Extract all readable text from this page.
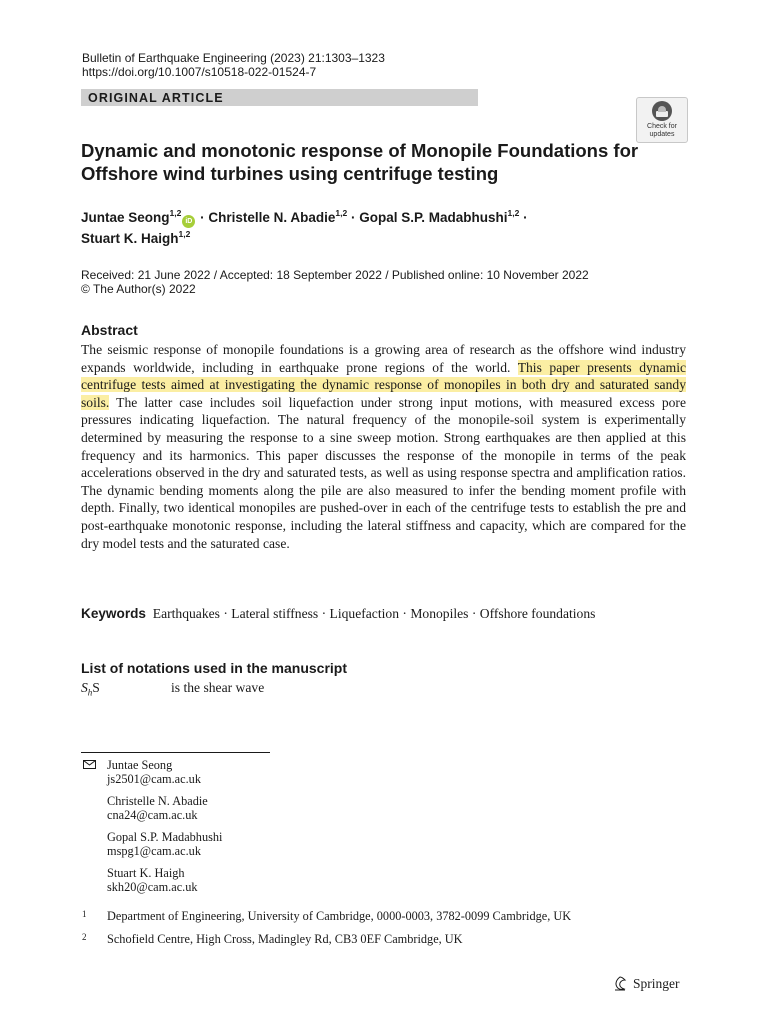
Bulletin of Earthquake Engineering (2023) 21:1303–1323
https://doi.org/10.1007/s10518-022-01524-7
ORIGINAL ARTICLE
Check for updates
Dynamic and monotonic response of Monopile Foundations for Offshore wind turbines using centrifuge testing
Juntae Seong$^{1,2}$iD · Christelle N. Abadie$^{1,2}$ · Gopal S.P. Madabhushi$^{1,2}$ ·
Stuart K. Haigh$^{1,2}$
Received: 21 June 2022 / Accepted: 18 September 2022 / Published online: 10 November 2022
© The Author(s) 2022
Abstract
The seismic response of monopile foundations is a growing area of research as the offshore wind industry expands worldwide, including in earthquake prone regions of the world. This paper presents dynamic centrifuge tests aimed at investigating the dynamic response of monopiles in both dry and saturated sandy soils. The latter case includes soil liquefaction under strong input motions, with measured excess pore pressures indicating liquefaction. The natural frequency of the monopile-soil system is experimentally determined by measuring the response to a sine sweep motion. Strong earthquakes are then applied at this frequency and its harmonics. This paper discusses the response of the monopile in terms of the peak accelerations observed in the dry and saturated tests, as well as using response spectra and amplification ratios. The dynamic bending moments along the pile are also measured to infer the bending moment profile with depth. Finally, two identical monopiles are pushed-over in each of the centrifuge tests to establish the pre and post-earthquake monotonic response, including the lateral stiffness and capacity, which are compared for the dry model tests and the saturated case.
Keywords Earthquakes · Lateral stiffness · Liquefaction · Monopiles · Offshore foundations
List of notations used in the manuscript
$S_hS$	is the shear wave
Juntae Seong
js2501@cam.ac.uk
Christelle N. Abadie
cna24@cam.ac.uk
Gopal S.P. Madabhushi
mspg1@cam.ac.uk
Stuart K. Haigh
skh20@cam.ac.uk
1 Department of Engineering, University of Cambridge, 0000-0003, 3782-0099 Cambridge, UK
2 Schofield Centre, High Cross, Madingley Rd, CB3 0EF Cambridge, UK
Springer
